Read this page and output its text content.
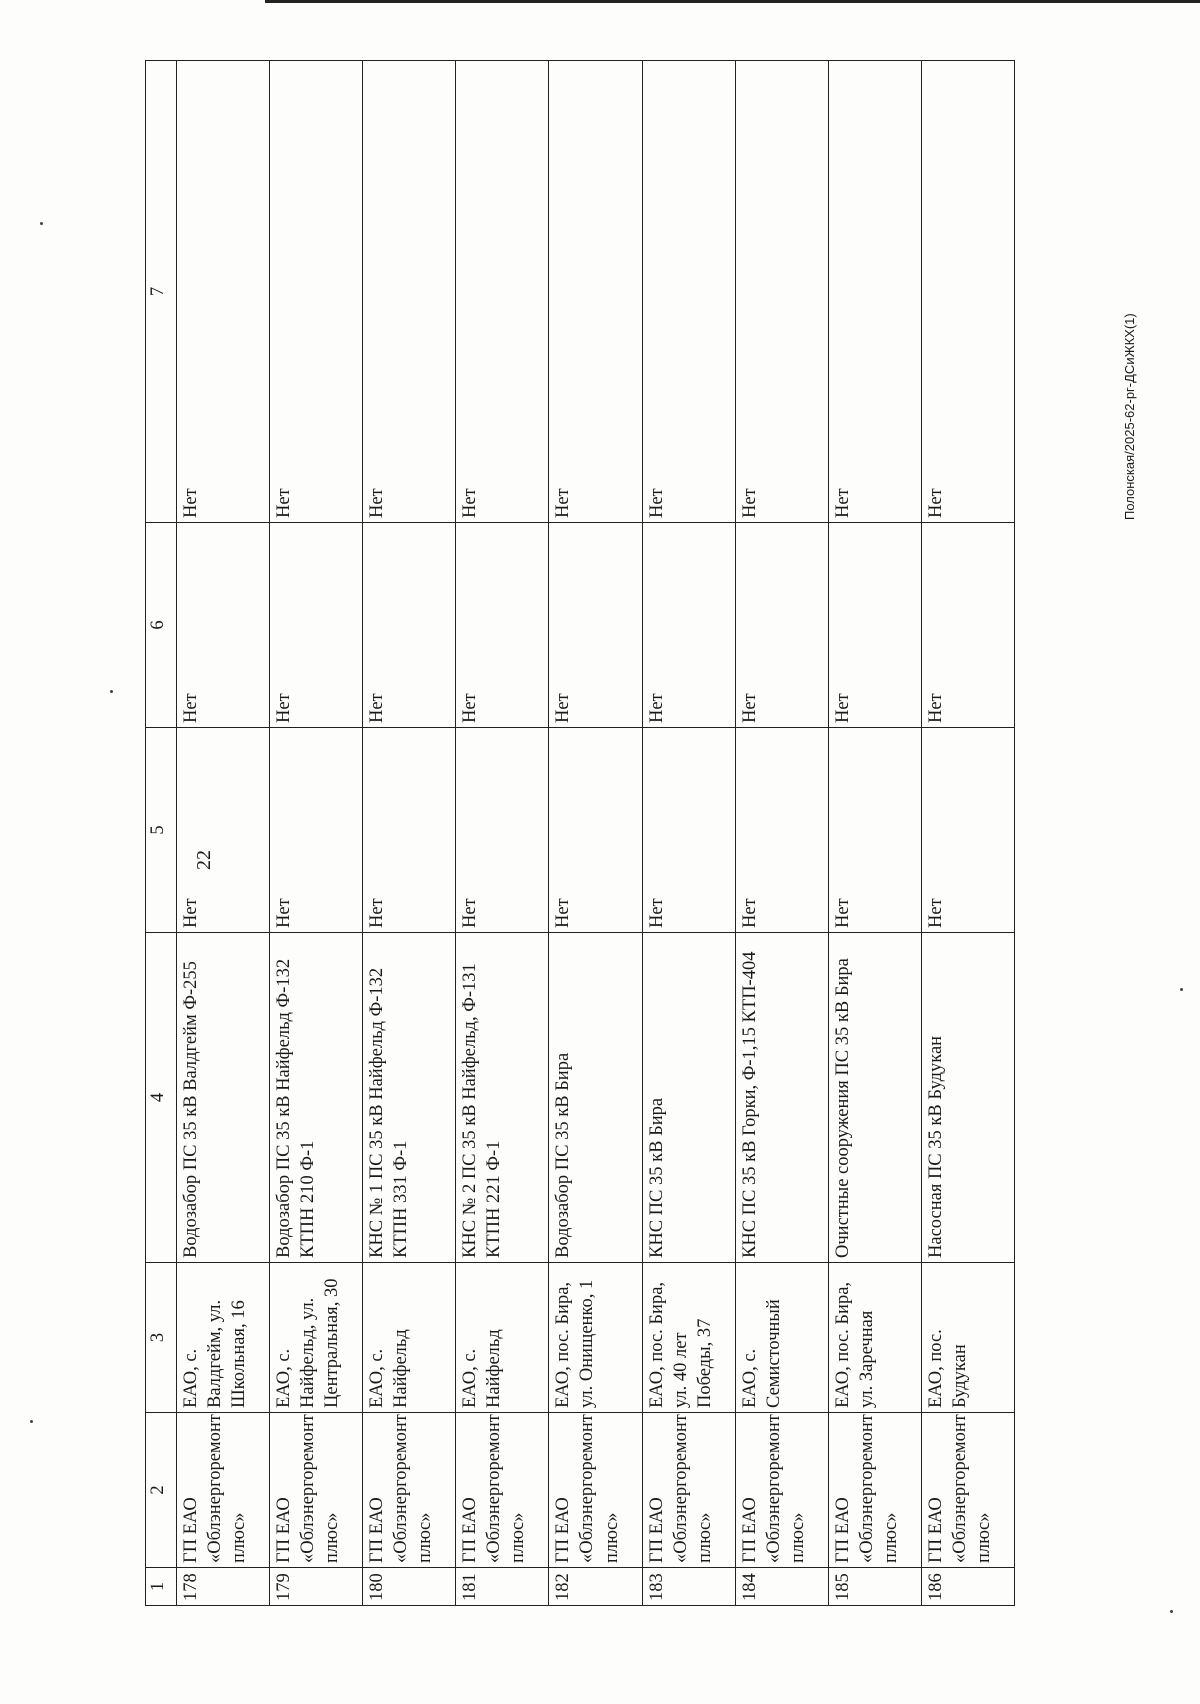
22
1	2	3	4	5	6	7
178	ГП ЕАО «Облэнергоремонт плюс»	ЕАО, с. Валдгейм, ул. Школьная, 16	Водозабор ПС 35 кВ Валдгейм Ф-255	Нет	Нет	Нет
179	ГП ЕАО «Облэнергоремонт плюс»	ЕАО, с. Найфельд, ул. Центральная, 30	Водозабор ПС 35 кВ Найфельд Ф-132 КТПН 210 Ф-1	Нет	Нет	Нет
180	ГП ЕАО «Облэнергоремонт плюс»	ЕАО, с. Найфельд	КНС № 1 ПС 35 кВ Найфельд Ф-132 КТПН 331 Ф-1	Нет	Нет	Нет
181	ГП ЕАО «Облэнергоремонт плюс»	ЕАО, с. Найфельд	КНС № 2 ПС 35 кВ Найфельд, Ф-131 КТПН 221 Ф-1	Нет	Нет	Нет
182	ГП ЕАО «Облэнергоремонт плюс»	ЕАО, пос. Бира, ул. Онищенко, 1	Водозабор ПС 35 кВ Бира	Нет	Нет	Нет
183	ГП ЕАО «Облэнергоремонт плюс»	ЕАО, пос. Бира, ул. 40 лет Победы, 37	КНС ПС 35 кВ Бира	Нет	Нет	Нет
184	ГП ЕАО «Облэнергоремонт плюс»	ЕАО, с. Семисточный	КНС ПС 35 кВ Горки, Ф-1,15 КТП-404	Нет	Нет	Нет
185	ГП ЕАО «Облэнергоремонт плюс»	ЕАО, пос. Бира, ул. Заречная	Очистные сооружения ПС 35 кВ Бира	Нет	Нет	Нет
186	ГП ЕАО «Облэнергоремонт плюс»	ЕАО, пос. Будукан	Насосная ПС 35 кВ Будукан	Нет	Нет	Нет	Полонская/2025-62-рг-ДСиЖКХ(1)
